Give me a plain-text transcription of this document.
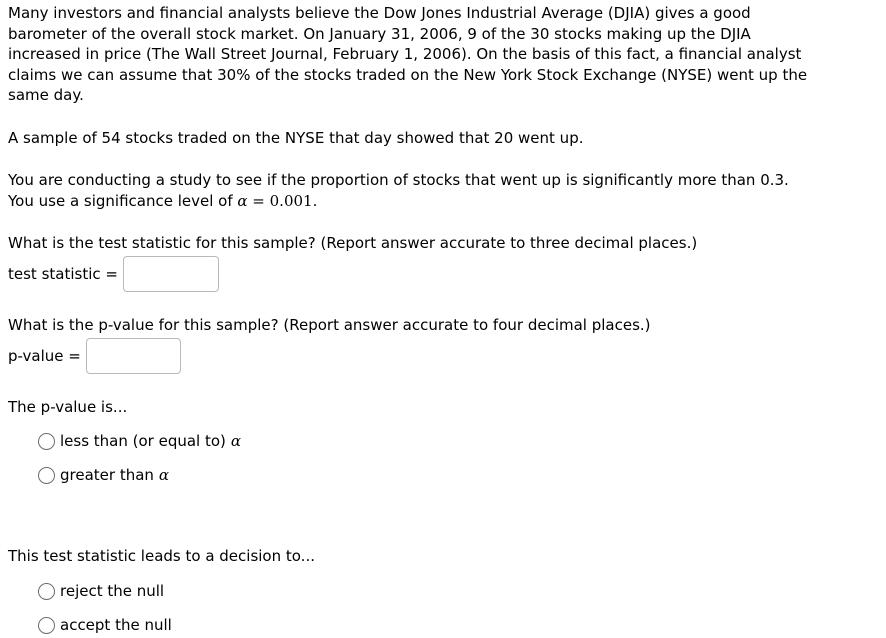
Many investors and financial analysts believe the Dow Jones Industrial Average (DJIA) gives a good
barometer of the overall stock market. On January 31, 2006, 9 of the 30 stocks making up the DJIA
increased in price (The Wall Street Journal, February 1, 2006). On the basis of this fact, a financial analyst
claims we can assume that 30% of the stocks traded on the New York Stock Exchange (NYSE) went up the
same day.
A sample of 54 stocks traded on the NYSE that day showed that 20 went up.
You are conducting a study to see if the proportion of stocks that went up is significantly more than 0.3.
You use a significance level of α = 0.001.
What is the test statistic for this sample? (Report answer accurate to three decimal places.)
test statistic =
What is the p-value for this sample? (Report answer accurate to four decimal places.)
p-value =
The p-value is...
less than (or equal to) α
greater than α
This test statistic leads to a decision to...
reject the null
accept the null
